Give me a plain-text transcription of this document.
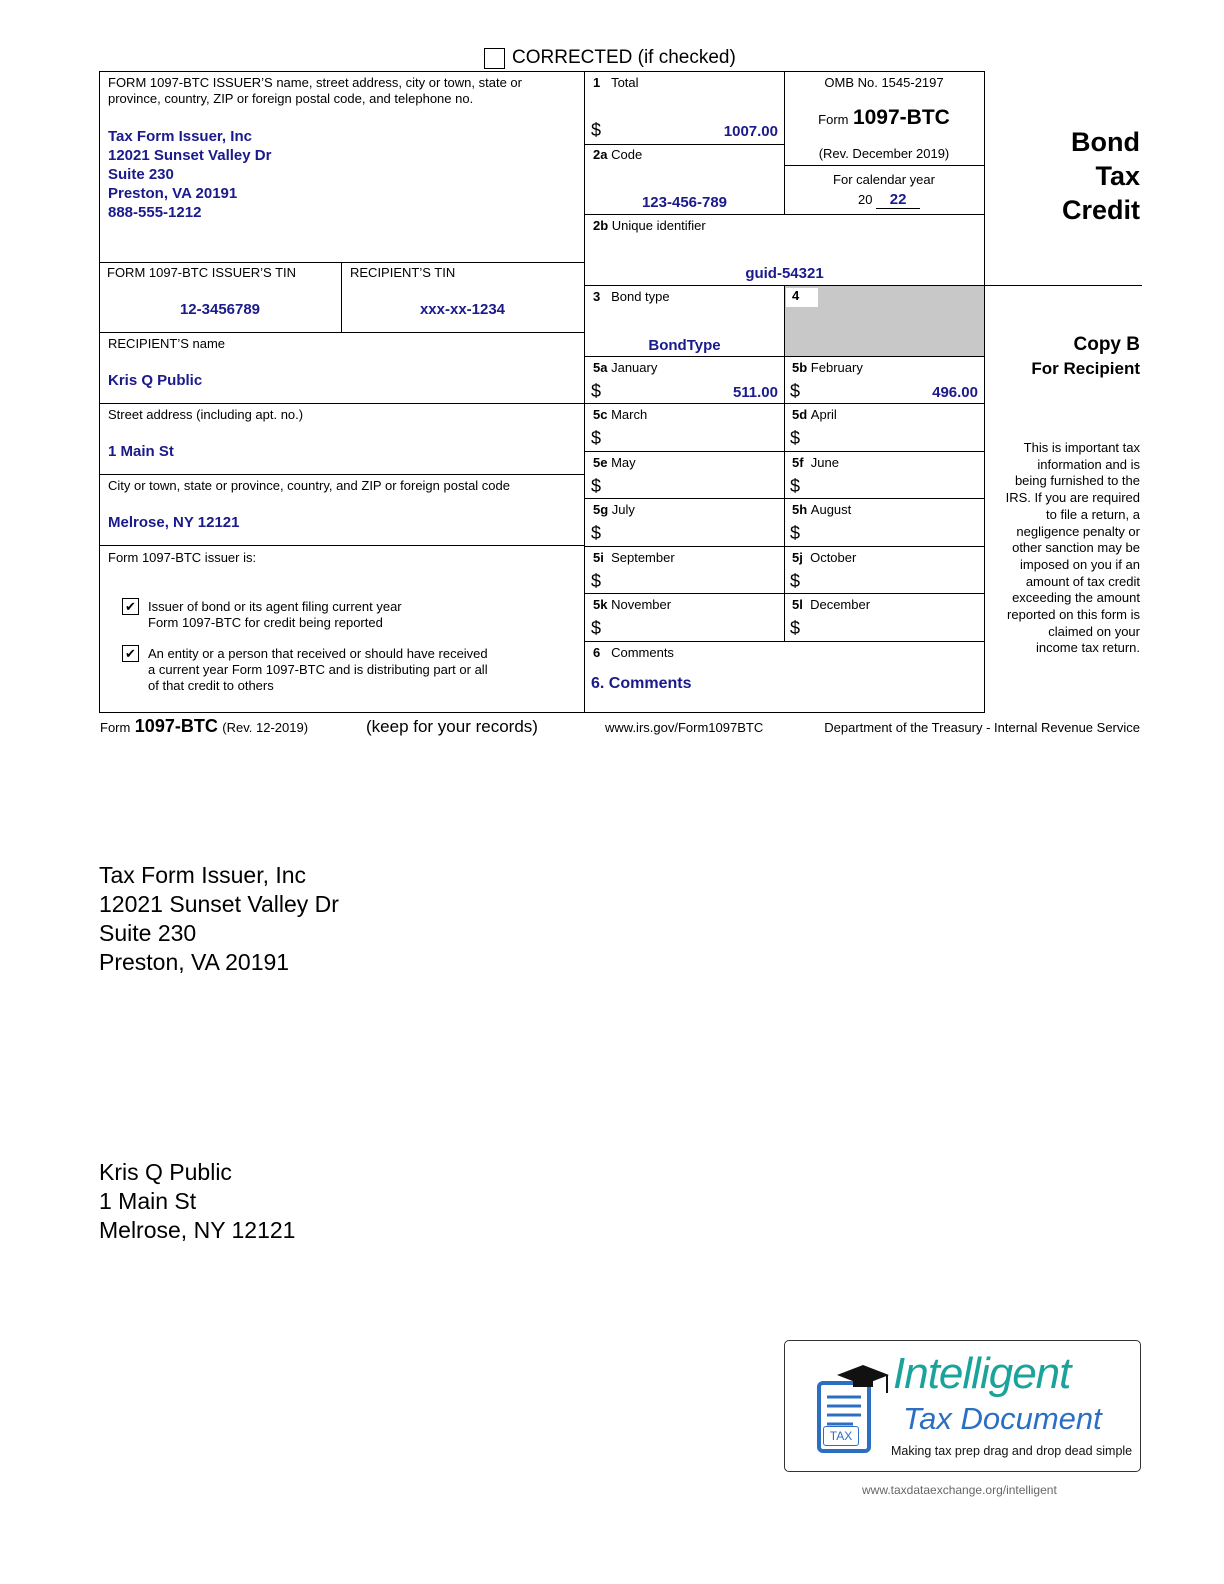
CORRECTED (if checked)
FORM 1097-BTC ISSUER’S name, street address, city or town, state or province, country, ZIP or foreign postal code, and telephone no.
Tax Form Issuer, Inc
12021 Sunset Valley Dr
Suite 230
Preston, VA 20191
888-555-1212
FORM 1097-BTC ISSUER’S TIN
12-3456789
RECIPIENT’S TIN
xxx-xx-1234
RECIPIENT’S name
Kris Q Public
Street address (including apt. no.)
1 Main St
City or town, state or province, country, and ZIP or foreign postal code
Melrose, NY 12121
Form 1097-BTC issuer is:
✔ Issuer of bond or its agent filing current year
Form 1097-BTC for credit being reported
✔ An entity or a person that received or should have received
a current year Form 1097-BTC and is distributing part or all
of that credit to others
1 Total
$	1007.00
2a Code
123-456-789
OMB No. 1545-2197
Form 1097-BTC
(Rev. December 2019)
For calendar year
20 22
Bond
Tax
Credit
2b Unique identifier
guid-54321
3 Bond type
BondType
4
Copy B
For Recipient
This is important tax
information and is
being furnished to the
IRS. If you are required
to file a return, a
negligence penalty or
other sanction may be
imposed on you if an
amount of tax credit
exceeding the amount
reported on this form is
claimed on your
income tax return.
5a January
$	511.00
5b February
$	496.00
5c March
$
5d April
$
5e May
$
5f June
$
5g July
$
5h August
$
5i September
$
5j October
$
5k November
$
5l December
$
6 Comments
6. Comments
Form 1097-BTC (Rev. 12-2019)	(keep for your records)	www.irs.gov/Form1097BTC	Department of the Treasury - Internal Revenue Service
Tax Form Issuer, Inc
12021 Sunset Valley Dr
Suite 230
Preston, VA 20191
Kris Q Public
1 Main St
Melrose, NY 12121
TAX
Intelligent
Tax Document
Making tax prep drag and drop dead simple
www.taxdataexchange.org/intelligent
